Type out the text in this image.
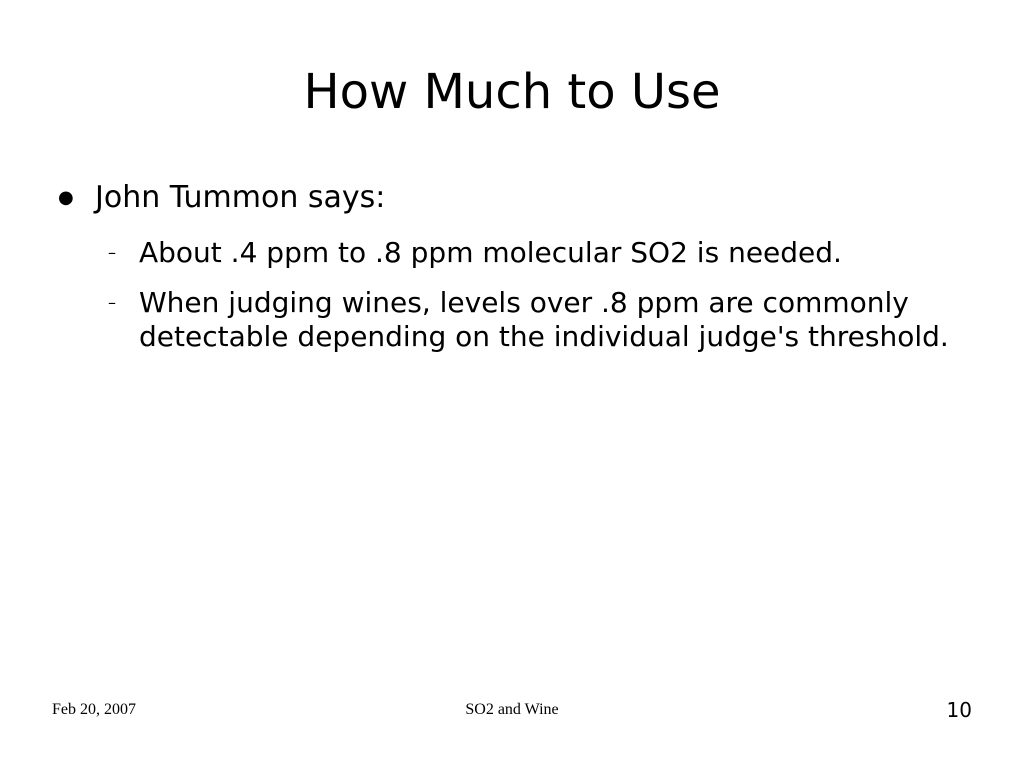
How Much to Use
● John Tummon says:
– About .4 ppm to .8 ppm molecular SO2 is needed.
– When judging wines, levels over .8 ppm are commonly detectable depending on the individual judge's threshold.
Feb 20, 2007	SO2 and Wine	10
